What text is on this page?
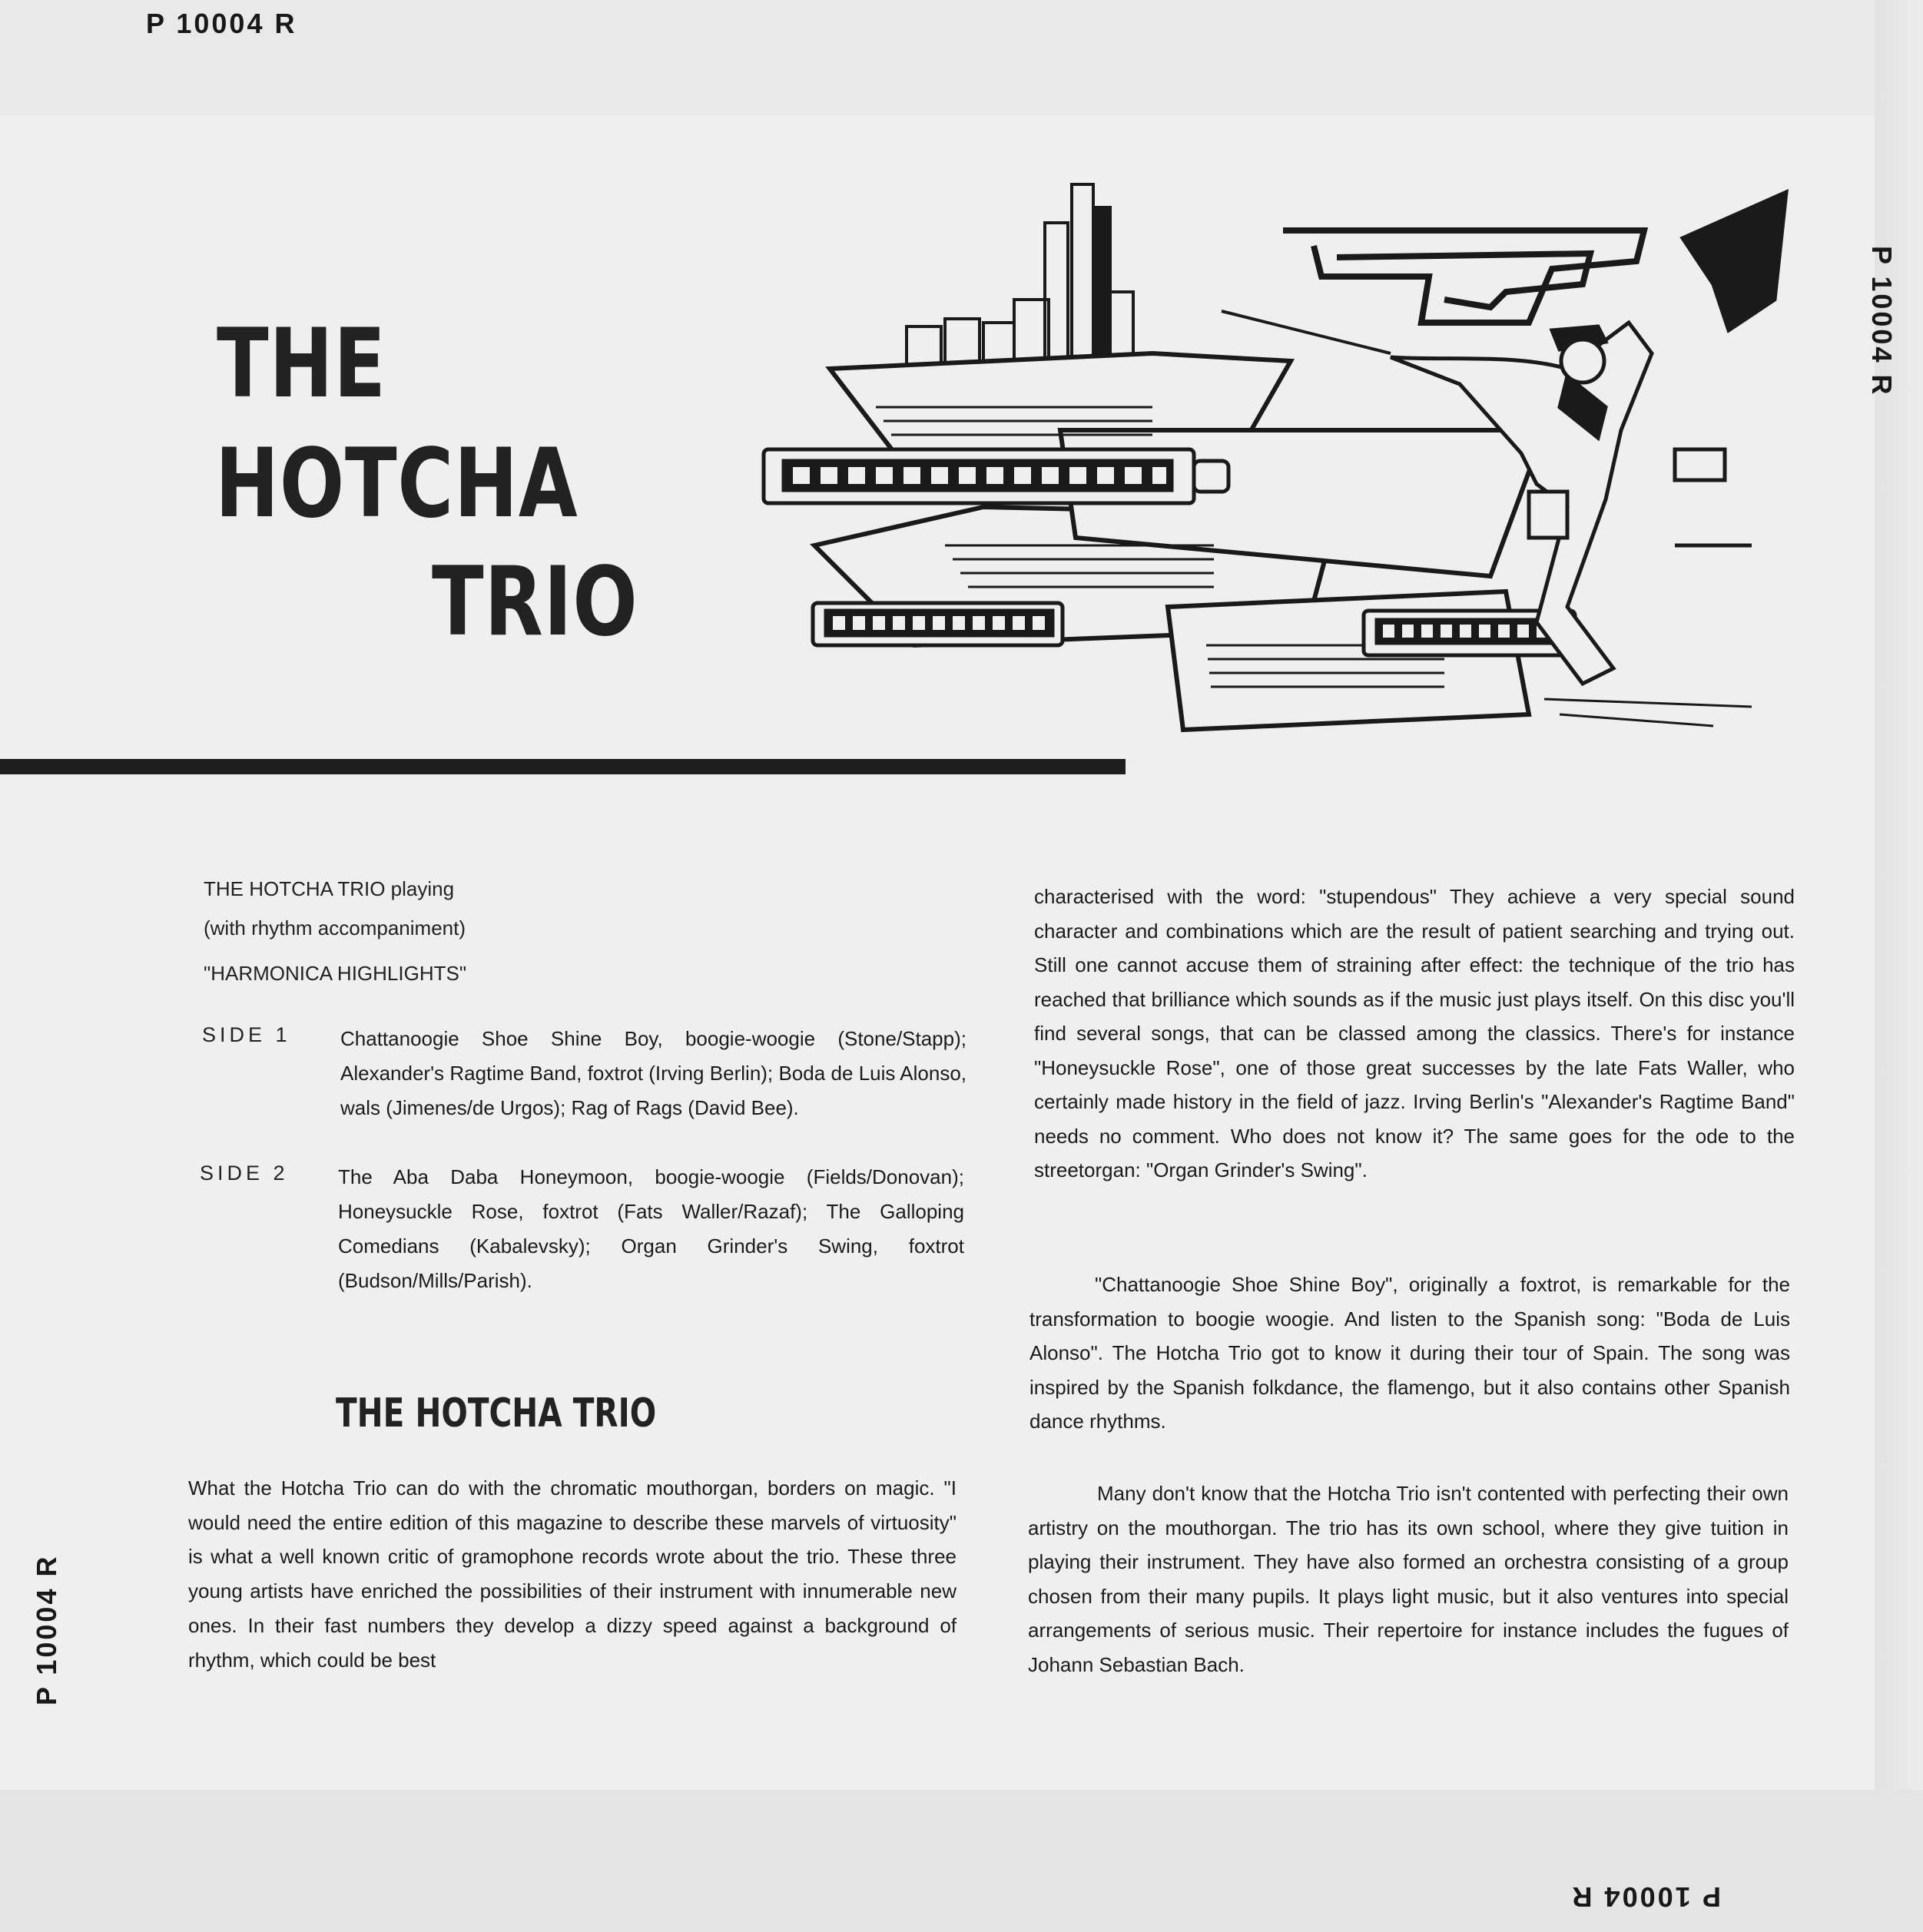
P 10004 R
P 10004 R
P 10004 R
P 10004 R
THE
HOTCHA
TRIO
THE HOTCHA TRIO playing
(with rhythm accompaniment)
"HARMONICA HIGHLIGHTS"
SIDE 1 Chattanoogie Shoe Shine Boy, boogie-woogie (Stone/Stapp); Alexander's Ragtime Band, foxtrot (Irving Berlin); Boda de Luis Alonso, wals (Jimenes/de Urgos); Rag of Rags (David Bee).
SIDE 2 The Aba Daba Honeymoon, boogie-woogie (Fields/Donovan); Honeysuckle Rose, foxtrot (Fats Waller/Razaf); The Galloping Comedians (Kabalevsky); Organ Grinder's Swing, foxtrot (Budson/Mills/Parish).
THE HOTCHA TRIO
What the Hotcha Trio can do with the chromatic mouthorgan, borders on magic. "I would need the entire edition of this magazine to describe these marvels of virtuosity" is what a well known critic of gramophone records wrote about the trio. These three young artists have enriched the possibilities of their instrument with innumerable new ones. In their fast numbers they develop a dizzy speed against a background of rhythm, which could be best
characterised with the word: "stupendous" They achieve a very special sound character and combinations which are the result of patient searching and trying out. Still one cannot accuse them of straining after effect: the technique of the trio has reached that brilliance which sounds as if the music just plays itself. On this disc you'll find several songs, that can be classed among the classics. There's for instance "Honeysuckle Rose", one of those great successes by the late Fats Waller, who certainly made history in the field of jazz. Irving Berlin's "Alexander's Ragtime Band" needs no comment. Who does not know it? The same goes for the ode to the streetorgan: "Organ Grinder's Swing".
"Chattanoogie Shoe Shine Boy", originally a foxtrot, is remarkable for the transformation to boogie woogie. And listen to the Spanish song: "Boda de Luis Alonso". The Hotcha Trio got to know it during their tour of Spain. The song was inspired by the Spanish folkdance, the flamengo, but it also contains other Spanish dance rhythms.
Many don't know that the Hotcha Trio isn't contented with perfecting their own artistry on the mouthorgan. The trio has its own school, where they give tuition in playing their instrument. They have also formed an orchestra consisting of a group chosen from their many pupils. It plays light music, but it also ventures into special arrangements of serious music. Their repertoire for instance includes the fugues of Johann Sebastian Bach.
